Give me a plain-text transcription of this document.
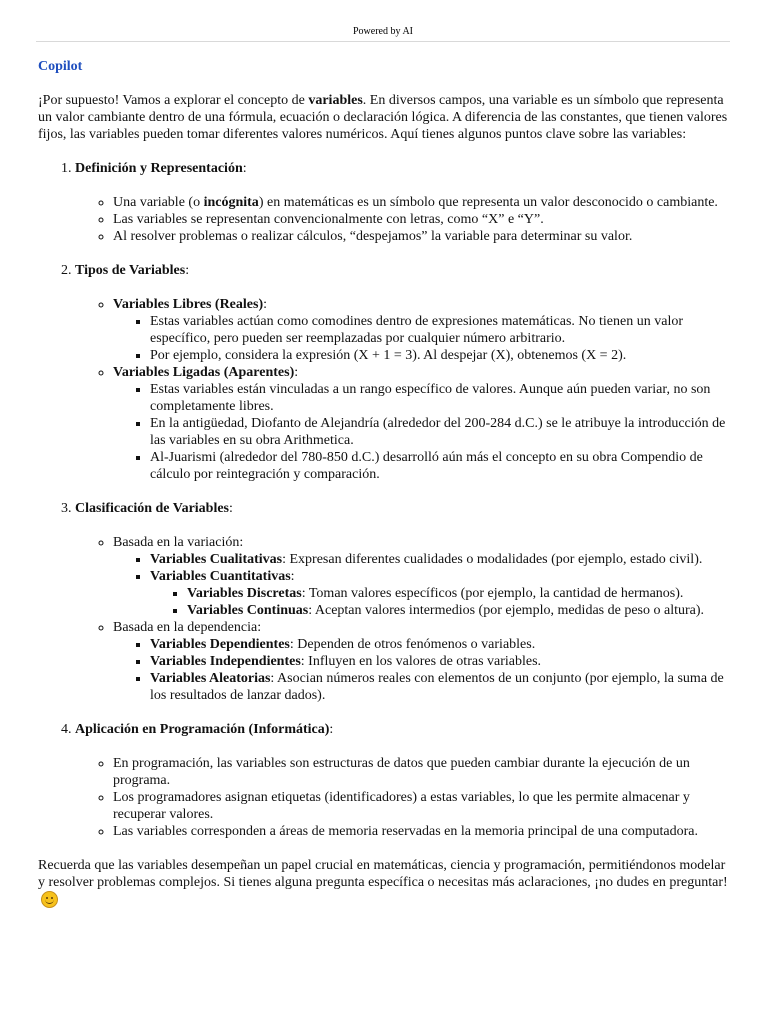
Powered by AI
Copilot

¡Por supuesto! Vamos a explorar el concepto de variables. En diversos campos, una variable es un símbolo que representa un valor cambiante dentro de una fórmula, ecuación o declaración lógica. A diferencia de las constantes, que tienen valores fijos, las variables pueden tomar diferentes valores numéricos. Aquí tienes algunos puntos clave sobre las variables:

1. Definición y Representación:
◦ Una variable (o incógnita) en matemáticas es un símbolo que representa un valor desconocido o cambiante.
◦ Las variables se representan convencionalmente con letras, como “X” e “Y”.
◦ Al resolver problemas o realizar cálculos, “despejamos” la variable para determinar su valor.
2. Tipos de Variables:
◦ Variables Libres (Reales):
▪ Estas variables actúan como comodines dentro de expresiones matemáticas. No tienen un valor específico, pero pueden ser reemplazadas por cualquier número arbitrario.
▪ Por ejemplo, considera la expresión (X + 1 = 3). Al despejar (X), obtenemos (X = 2).
◦ Variables Ligadas (Aparentes):
▪ Estas variables están vinculadas a un rango específico de valores. Aunque aún pueden variar, no son completamente libres.
▪ En la antigüedad, Diofanto de Alejandría (alrededor del 200-284 d.C.) se le atribuye la introducción de las variables en su obra Arithmetica.
▪ Al-Juarismi (alrededor del 780-850 d.C.) desarrolló aún más el concepto en su obra Compendio de cálculo por reintegración y comparación.
3. Clasificación de Variables:
◦ Basada en la variación:
▪ Variables Cualitativas: Expresan diferentes cualidades o modalidades (por ejemplo, estado civil).
▪ Variables Cuantitativas:
▪ Variables Discretas: Toman valores específicos (por ejemplo, la cantidad de hermanos).
▪ Variables Continuas: Aceptan valores intermedios (por ejemplo, medidas de peso o altura).
◦ Basada en la dependencia:
▪ Variables Dependientes: Dependen de otros fenómenos o variables.
▪ Variables Independientes: Influyen en los valores de otras variables.
▪ Variables Aleatorias: Asocian números reales con elementos de un conjunto (por ejemplo, la suma de los resultados de lanzar dados).
4. Aplicación en Programación (Informática):
◦ En programación, las variables son estructuras de datos que pueden cambiar durante la ejecución de un programa.
◦ Los programadores asignan etiquetas (identificadores) a estas variables, lo que les permite almacenar y recuperar valores.
◦ Las variables corresponden a áreas de memoria reservadas en la memoria principal de una computadora.

Recuerda que las variables desempeñan un papel crucial en matemáticas, ciencia y programación, permitiéndonos modelar y resolver problemas complejos. Si tienes alguna pregunta específica o necesitas más aclaraciones, ¡no dudes en preguntar!
